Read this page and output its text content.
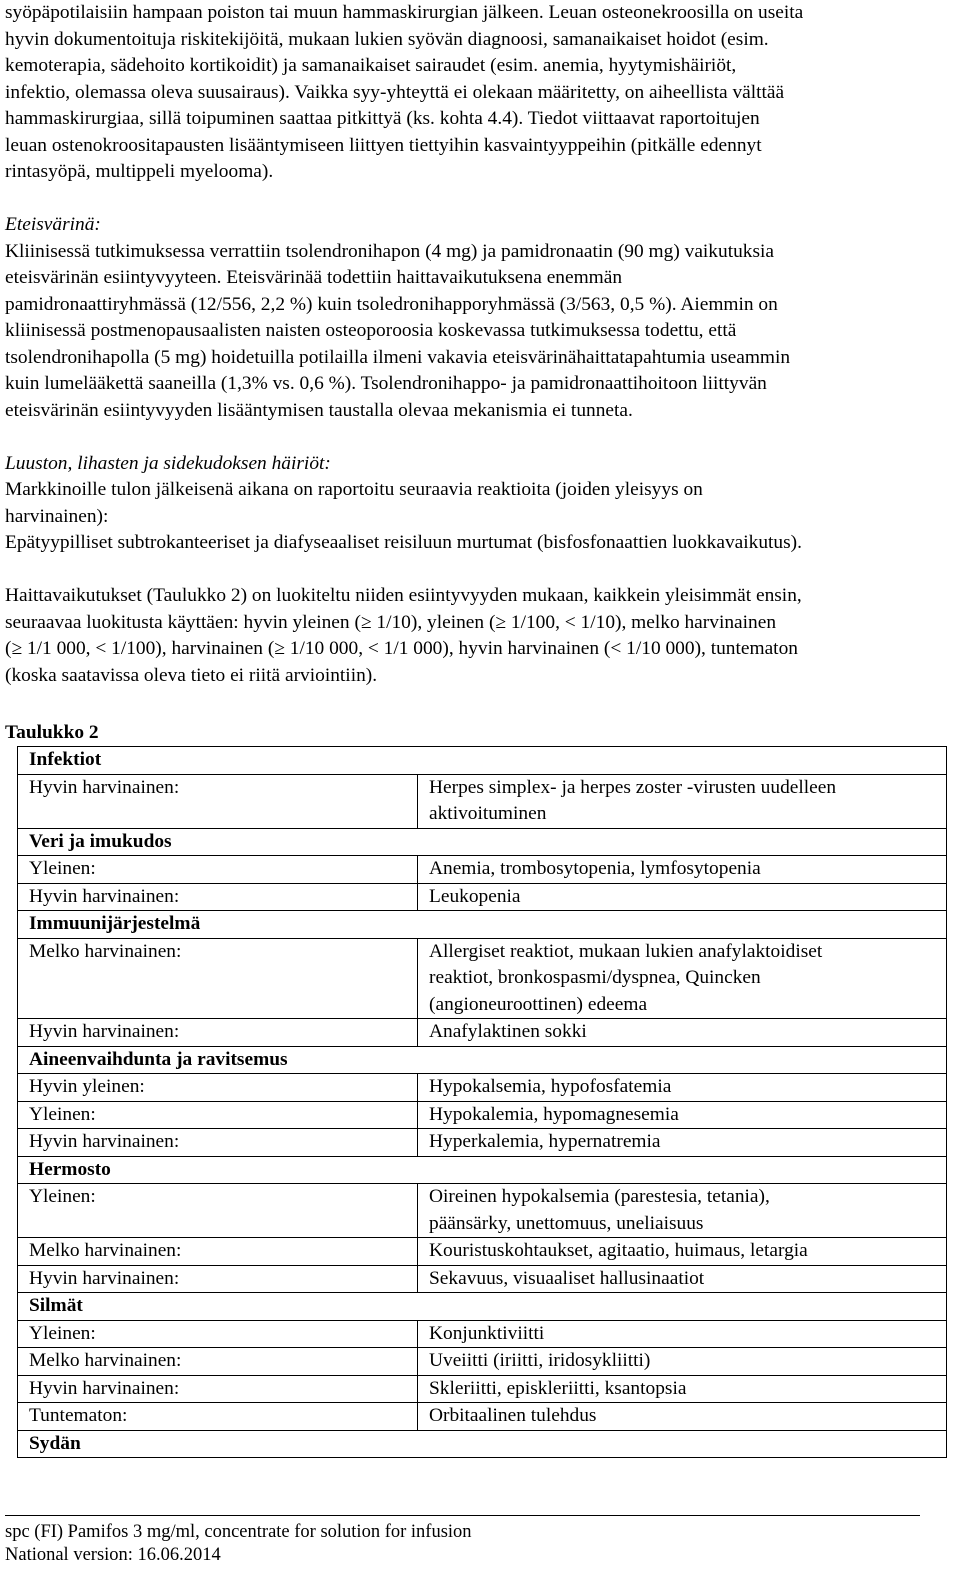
syöpäpotilaisiin hampaan poiston tai muun hammaskirurgian jälkeen. Leuan osteonekroosilla on useita

hyvin dokumentoituja riskitekijöitä, mukaan lukien syövän diagnoosi, samanaikaiset hoidot (esim.

kemoterapia, sädehoito kortikoidit) ja samanaikaiset sairaudet (esim. anemia, hyytymishäiriöt,

infektio, olemassa oleva suusairaus). Vaikka syy-yhteyttä ei olekaan määritetty, on aiheellista välttää

hammaskirurgiaa, sillä toipuminen saattaa pitkittyä (ks. kohta 4.4). Tiedot viittaavat raportoitujen

leuan ostenokroositapausten lisääntymiseen liittyen tiettyihin kasvaintyyppeihin (pitkälle edennyt

rintasyöpä, multippeli myelooma).

Eteisvärinä:

Kliinisessä tutkimuksessa verrattiin tsolendronihapon (4 mg) ja pamidronaatin (90 mg) vaikutuksia

eteisvärinän esiintyvyyteen. Eteisvärinää todettiin haittavaikutuksena enemmän

pamidronaattiryhmässä (12/556, 2,2 %) kuin tsoledronihapporyhmässä (3/563, 0,5 %). Aiemmin on

kliinisessä postmenopausaalisten naisten osteoporoosia koskevassa tutkimuksessa todettu, että

tsolendronihapolla (5 mg) hoidetuilla potilailla ilmeni vakavia eteisvärinähaittatapahtumia useammin

kuin lumelääkettä saaneilla (1,3% vs. 0,6 %). Tsolendronihappo- ja pamidronaattihoitoon liittyvän

eteisvärinän esiintyvyyden lisääntymisen taustalla olevaa mekanismia ei tunneta.

Luuston, lihasten ja sidekudoksen häiriöt:

Markkinoille tulon jälkeisenä aikana on raportoitu seuraavia reaktioita (joiden yleisyys on

harvinainen):

Epätyypilliset subtrokanteeriset ja diafyseaaliset reisiluun murtumat (bisfosfonaattien luokkavaikutus).

Haittavaikutukset (Taulukko 2) on luokiteltu niiden esiintyvyyden mukaan, kaikkein yleisimmät ensin,

seuraavaa luokitusta käyttäen: hyvin yleinen (≥ 1/10), yleinen (≥ 1/100, < 1/10), melko harvinainen

(≥ 1/1 000, < 1/100), harvinainen (≥ 1/10 000, < 1/1 000), hyvin harvinainen (< 1/10 000), tuntematon

(koska saatavissa oleva tieto ei riitä arviointiin).

Taulukko 2

Infektiot	
Hyvin harvinainen:	Herpes simplex- ja herpes zoster -virusten uudelleen
aktivoituminen

Veri ja imukudos	
Yleinen:	Anemia, trombosytopenia, lymfosytopenia
Hyvin harvinainen:	Leukopenia
Immuunijärjestelmä	
Melko harvinainen:	Allergiset reaktiot, mukaan lukien anafylaktoidiset
reaktiot, bronkospasmi/dyspnea, Quincken
(angioneuroottinen) edeema

Hyvin harvinainen:	Anafylaktinen sokki
Aineenvaihdunta ja ravitsemus	
Hyvin yleinen:	Hypokalsemia, hypofosfatemia
Yleinen:	Hypokalemia, hypomagnesemia
Hyvin harvinainen:	Hyperkalemia, hypernatremia
Hermosto	
Yleinen:	Oireinen hypokalsemia (parestesia, tetania),
päänsärky, unettomuus, uneliaisuus

Melko harvinainen:	Kouristuskohtaukset, agitaatio, huimaus, letargia
Hyvin harvinainen:	Sekavuus, visuaaliset hallusinaatiot
Silmät	
Yleinen:	Konjunktiviitti
Melko harvinainen:	Uveiitti (iriitti, iridosykliitti)
Hyvin harvinainen:	Skleriitti, episkleriitti, ksantopsia
Tuntematon:	Orbitaalinen tulehdus
Sydän	
spc (FI) Pamifos 3 mg/ml, concentrate for solution for infusion
National version: 16.06.2014
